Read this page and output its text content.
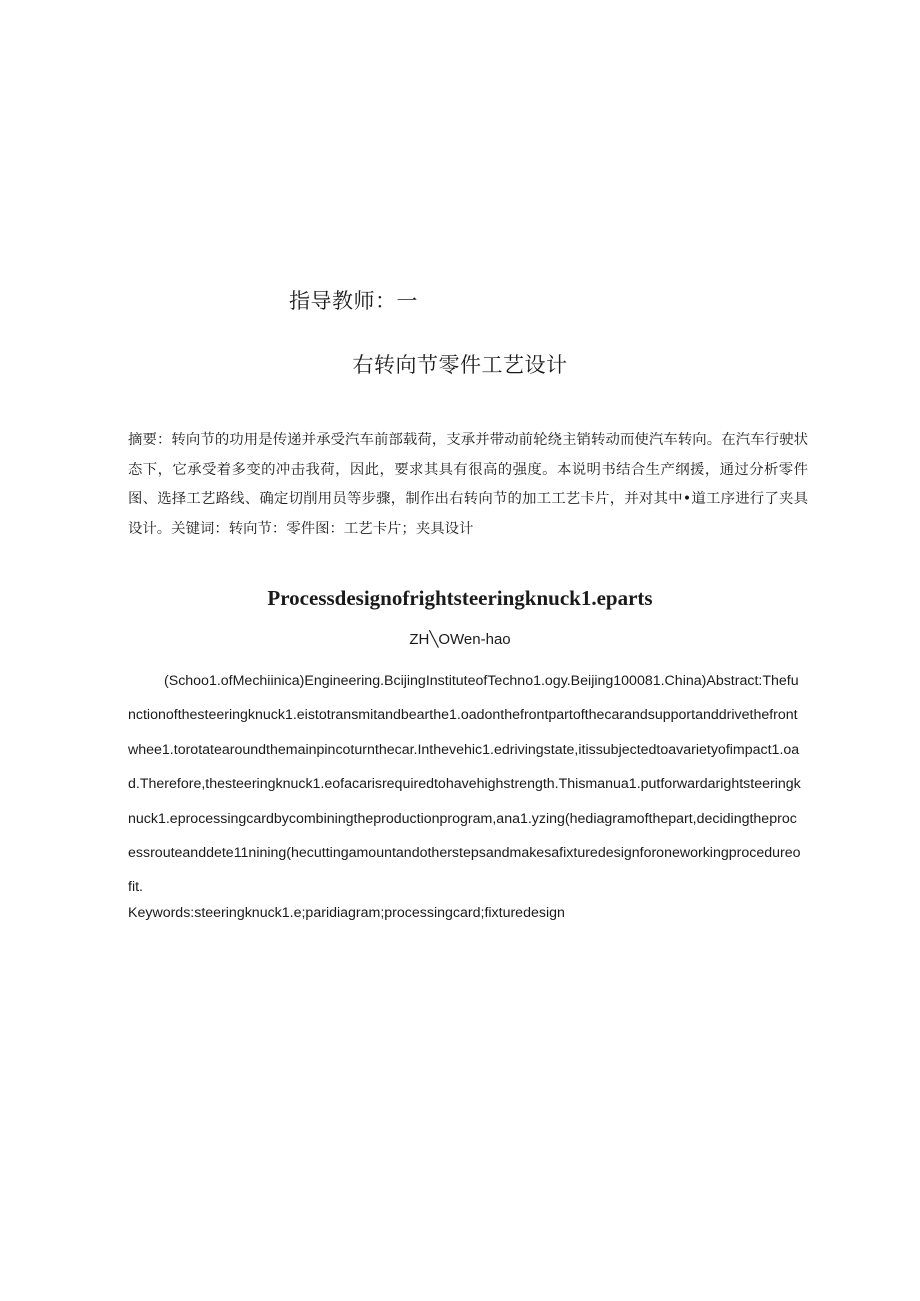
指导教师：一
右转向节零件工艺设计
摘要：转向节的功用是传递并承受汽车前部载荷，支承并带动前轮绕主销转动而使汽车转向。在汽车行驶状态下，它承受着多变的冲击我荷，因此，要求其具有很高的强度。本说明书结合生产纲援，通过分析零件图、选择工艺路线、确定切削用员等步骤，制作出右转向节的加工工艺卡片，并对其中•道工序进行了夹具设计。关键词：转向节：零件图：工艺卡片；夹具设计
Processdesignofrightsteeringknuck1.eparts
ZH╲OWen-hao
(Schoo1.ofMechiinica)Engineering.BcijingInstituteofTechno1.ogy.Beijing100081.China)Abstract:Thefunctionofthesteeringknuck1.eistotransmitandbearthe1.oadonthefrontpartofthecarandsupportanddrivethefrontwhee1.torotatearoundthemainpincoturnthecar.Inthevehic1.edrivingstate,itissubjectedtoavarietyofimpact1.oad.Therefore,thesteeringknuck1.eofacarisrequiredtohavehighstrength.Thismanua1.putforwardarightsteeringknuck1.eprocessingcardbycombiningtheproductionprogram,ana1.yzing(hediagramofthepart,decidingtheprocessrouteanddete11nining(hecuttingamountandotherstepsandmakesafixturedesignforoneworkingprocedureofit.
Keywords:steeringknuck1.e;paridiagram;processingcard;fixturedesign
